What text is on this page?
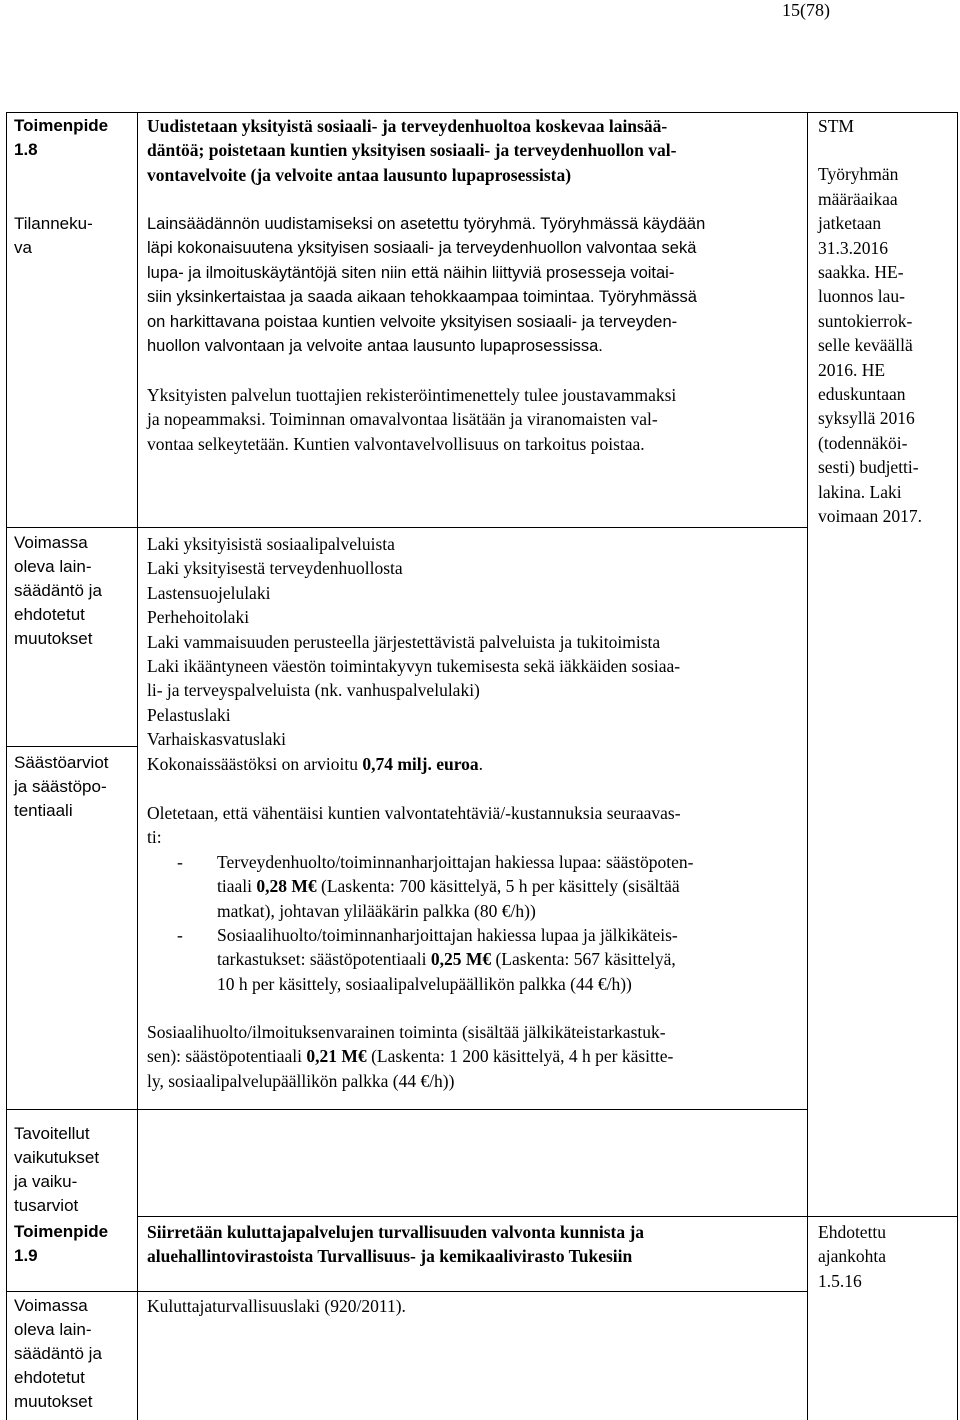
15(78)
Toimenpide
1.8
Tilanneku-
va
Voimassa
oleva lain-
säädäntö ja
ehdotetut
muutokset
Säästöarviot
ja säästöpo-
tentiaali
Tavoitellut
vaikutukset
ja vaiku-
tusarviot
Uudistetaan yksityistä sosiaali- ja terveydenhuoltoa koskevaa lainsää-
däntöä; poistetaan kuntien yksityisen sosiaali- ja terveydenhuollon val-
vontavelvoite (ja velvoite antaa lausunto lupaprosessista)
Lainsäädännön uudistamiseksi on asetettu työryhmä. Työryhmässä käydään
läpi kokonaisuutena yksityisen sosiaali- ja terveydenhuollon valvontaa sekä
lupa- ja ilmoituskäytäntöjä siten niin että näihin liittyviä prosesseja voitai-
siin yksinkertaistaa ja saada aikaan tehokkaampaa toimintaa. Työryhmässä
on harkittavana poistaa kuntien velvoite yksityisen sosiaali- ja terveyden-
huollon valvontaan ja velvoite antaa lausunto lupaprosessissa.
Yksityisten palvelun tuottajien rekisteröintimenettely tulee joustavammaksi
ja nopeammaksi. Toiminnan omavalvontaa lisätään ja viranomaisten val-
vontaa selkeytetään. Kuntien valvontavelvollisuus on tarkoitus poistaa.
Laki yksityisistä sosiaalipalveluista
Laki yksityisestä terveydenhuollosta
Lastensuojelulaki
Perhehoitolaki
Laki vammaisuuden perusteella järjestettävistä palveluista ja tukitoimista
Laki ikääntyneen väestön toimintakyvyn tukemisesta sekä iäkkäiden sosiaa-
li- ja terveyspalveluista (nk. vanhuspalvelulaki)
Pelastuslaki
Varhaiskasvatuslaki
Kokonaissäästöksi on arvioitu 0,74 milj. euroa.
Oletetaan, että vähentäisi kuntien valvontatehtäviä/-kustannuksia seuraavas-
ti:
- Terveydenhuolto/toiminnanharjoittajan hakiessa lupaa: säästöpoten-
tiaali 0,28 M€ (Laskenta: 700 käsittelyä, 5 h per käsittely (sisältää
matkat), johtavan ylilääkärin palkka (80 €/h))
- Sosiaalihuolto/toiminnanharjoittajan hakiessa lupaa ja jälkikäteis-
tarkastukset: säästöpotentiaali 0,25 M€ (Laskenta: 567 käsittelyä,
10 h per käsittely, sosiaalipalvelupäällikön palkka (44 €/h))
Sosiaalihuolto/ilmoituksenvarainen toiminta (sisältää jälkikäteistarkastuk-
sen): säästöpotentiaali 0,21 M€ (Laskenta: 1 200 käsittelyä, 4 h per käsitte-
ly, sosiaalipalvelupäällikön palkka (44 €/h))
STM
Työryhmän
määräaikaa
jatketaan
31.3.2016
saakka. HE-
luonnos lau-
suntokierrok-
selle keväällä
2016. HE
eduskuntaan
syksyllä 2016
(todennäköi-
sesti) budjetti-
lakina. Laki
voimaan 2017.
Toimenpide
1.9
Voimassa
oleva lain-
säädäntö ja
ehdotetut
muutokset
Siirretään kuluttajapalvelujen turvallisuuden valvonta kunnista ja
aluehallintovirastoista Turvallisuus- ja kemikaalivirasto Tukesiin
Kuluttajaturvallisuuslaki (920/2011).
Ehdotettu
ajankohta
1.5.16
